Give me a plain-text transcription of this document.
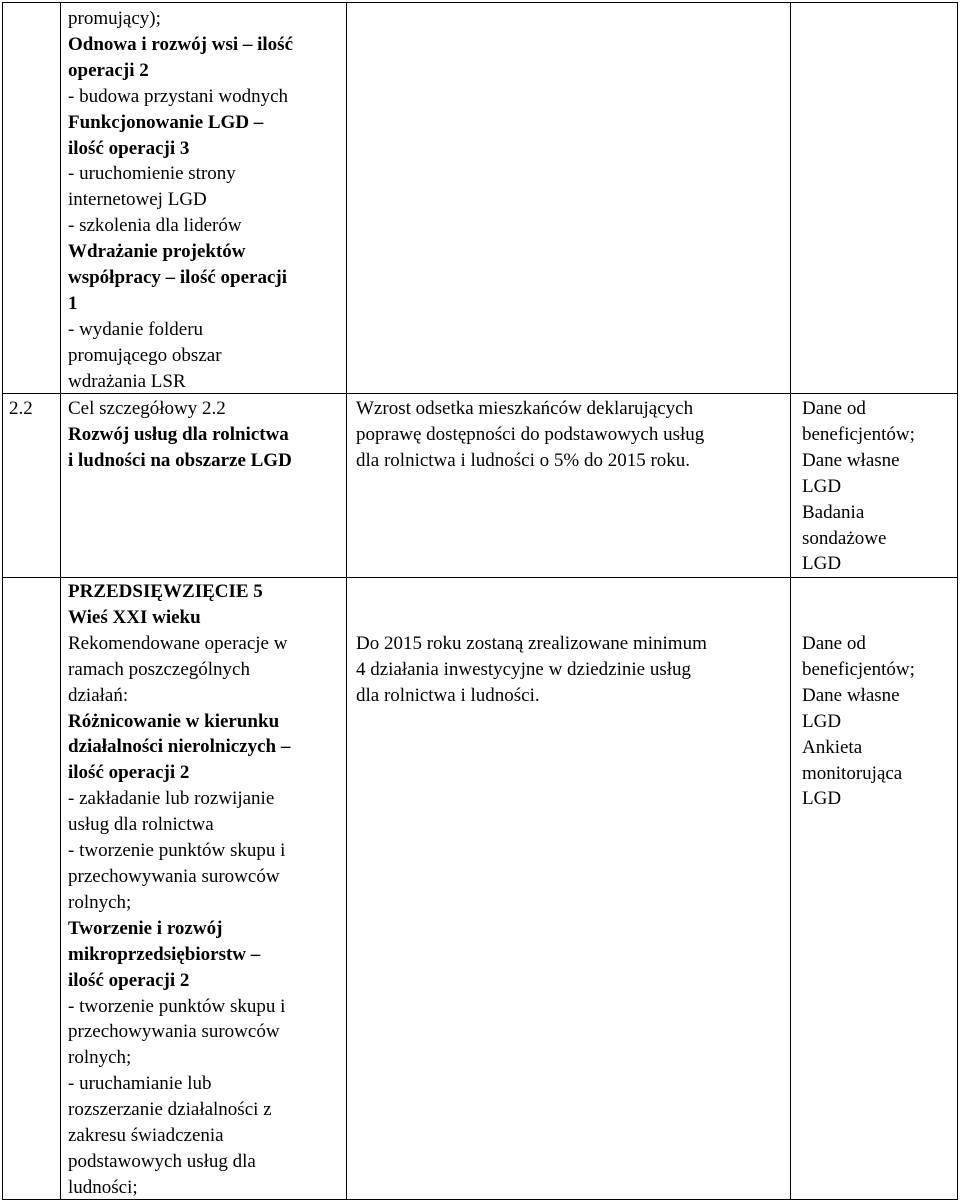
promujący);
Odnowa i rozwój wsi – ilość
operacji 2
- budowa przystani wodnych
Funkcjonowanie LGD –
ilość operacji 3
- uruchomienie strony
internetowej LGD
- szkolenia dla liderów
Wdrażanie projektów
współpracy – ilość operacji
1
- wydanie folderu
promującego obszar
wdrażania LSR
2.2 Cel szczegółowy 2.2
Rozwój usług dla rolnictwa
i ludności na obszarze LGD
Wzrost odsetka mieszkańców deklarujących
poprawę dostępności do podstawowych usług
dla rolnictwa i ludności o 5% do 2015 roku.
Dane od
beneficjentów;
Dane własne
LGD
Badania
sondażowe
LGD
PRZEDSIĘWZIĘCIE 5
Wieś XXI wieku
Rekomendowane operacje w
ramach poszczególnych
działań:
Różnicowanie w kierunku
działalności nierolniczych –
ilość operacji 2
- zakładanie lub rozwijanie
usług dla rolnictwa
- tworzenie punktów skupu i
przechowywania surowców
rolnych;
Tworzenie i rozwój
mikroprzedsiębiorstw –
ilość operacji 2
- tworzenie punktów skupu i
przechowywania surowców
rolnych;
- uruchamianie lub
rozszerzanie działalności z
zakresu świadczenia
podstawowych usług dla
ludności;
Do 2015 roku zostaną zrealizowane minimum
4 działania inwestycyjne w dziedzinie usług
dla rolnictwa i ludności.
Dane od
beneficjentów;
Dane własne
LGD
Ankieta
monitorująca
LGD
